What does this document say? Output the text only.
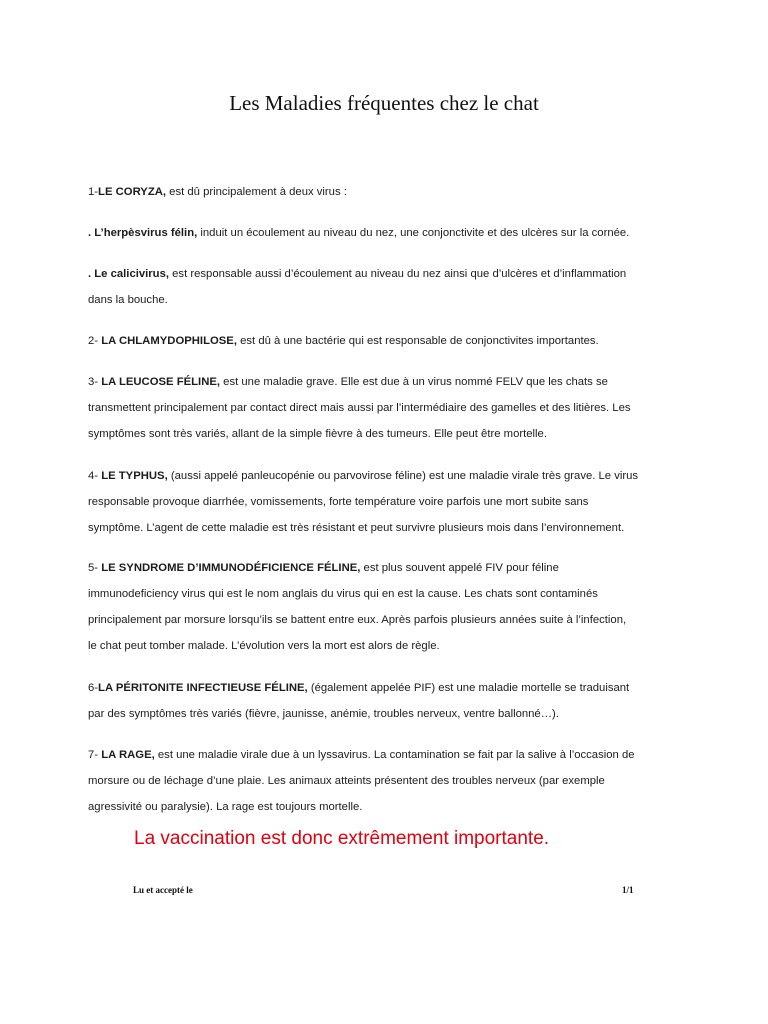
Les Maladies fréquentes chez le chat
1-LE CORYZA, est dû principalement à deux virus :
. L’herpèsvirus félin, induit un écoulement au niveau du nez, une conjonctivite et des ulcères sur la cornée.
. Le calicivirus, est responsable aussi d’écoulement au niveau du nez ainsi que d’ulcères et d’inflammation
dans la bouche.
2- LA CHLAMYDOPHILOSE, est dû à une bactérie qui est responsable de conjonctivites importantes.
3- LA LEUCOSE FÉLINE, est une maladie grave. Elle est due à un virus nommé FELV que les chats se
transmettent principalement par contact direct mais aussi par l’intermédiaire des gamelles et des litières. Les
symptômes sont très variés, allant de la simple fièvre à des tumeurs. Elle peut être mortelle.
4- LE TYPHUS, (aussi appelé panleucopénie ou parvovirose féline) est une maladie virale très grave. Le virus
responsable provoque diarrhée, vomissements, forte température voire parfois une mort subite sans
symptôme. L’agent de cette maladie est très résistant et peut survivre plusieurs mois dans l’environnement.
5- LE SYNDROME D’IMMUNODÉFICIENCE FÉLINE, est plus souvent appelé FIV pour féline
immunodeficiency virus qui est le nom anglais du virus qui en est la cause. Les chats sont contaminés
principalement par morsure lorsqu’ils se battent entre eux. Après parfois plusieurs années suite à l’infection,
le chat peut tomber malade. L’évolution vers la mort est alors de règle.
6-LA PÉRITONITE INFECTIEUSE FÉLINE, (également appelée PIF) est une maladie mortelle se traduisant
par des symptômes très variés (fièvre, jaunisse, anémie, troubles nerveux, ventre ballonné…).
7- LA RAGE, est une maladie virale due à un lyssavirus. La contamination se fait par la salive à l’occasion de
morsure ou de léchage d’une plaie. Les animaux atteints présentent des troubles nerveux (par exemple
agressivité ou paralysie). La rage est toujours mortelle.
La vaccination est donc extrêmement importante.
Lu et accepté le	1/1
